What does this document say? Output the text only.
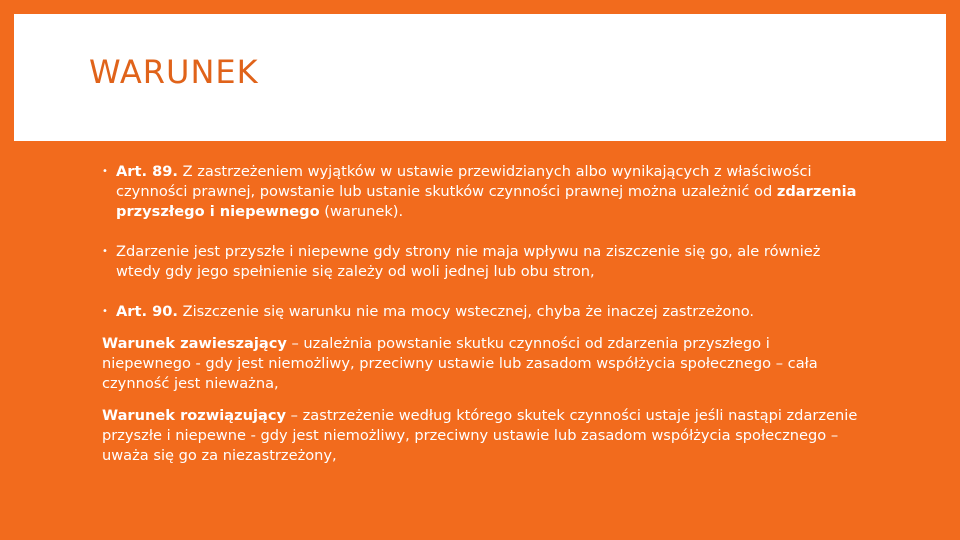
WARUNEK

• Art. 89. Z zastrzeżeniem wyjątków w ustawie przewidzianych albo wynikających z właściwości czynności prawnej, powstanie lub ustanie skutków czynności prawnej można uzależnić od zdarzenia przyszłego i niepewnego (warunek).

• Zdarzenie jest przyszłe i niepewne gdy strony nie maja wpływu na ziszczenie się go, ale również wtedy gdy jego spełnienie się zależy od woli jednej lub obu stron,

• Art. 90. Ziszczenie się warunku nie ma mocy wstecznej, chyba że inaczej zastrzeżono.

Warunek zawieszający – uzależnia powstanie skutku czynności od zdarzenia przyszłego i niepewnego - gdy jest niemożliwy, przeciwny ustawie lub zasadom współżycia społecznego – cała czynność jest nieważna,

Warunek rozwiązujący – zastrzeżenie według którego skutek czynności ustaje jeśli nastąpi zdarzenie przyszłe i niepewne - gdy jest niemożliwy, przeciwny ustawie lub zasadom współżycia społecznego – uważa się go za niezastrzeżony,
